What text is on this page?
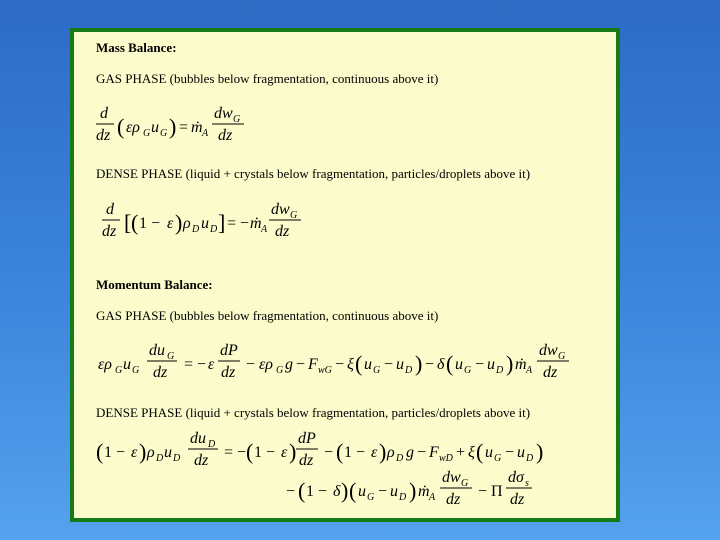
Mass Balance:
GAS PHASE (bubbles below fragmentation, continuous above it)
d
dz ( ερ G u G ) = ṁ A
dw G
dz
DENSE PHASE (liquid + crystals below fragmentation, particles/droplets above it)
d
dz [ ( 1 − ε ) ρ D u D ] = − ṁ A
dw G
dz
Momentum Balance:
GAS PHASE (bubbles below fragmentation, continuous above it)
ερ G u G
du G
dz = − ε
dP
dz − ερ G g − F wG − ξ ( u G − u D ) − δ ( u G − u D ) ṁ A
dw G
dz
DENSE PHASE (liquid + crystals below fragmentation, particles/droplets above it)
( 1 − ε ) ρ D u D
du D
dz = − ( 1 − ε )
dP
dz − ( 1 − ε ) ρ D g − F wD + ξ ( u G − u D )
− ( 1 − δ ) ( u G − u D ) ṁ A
dw G
dz − Π
dσ s
dz
